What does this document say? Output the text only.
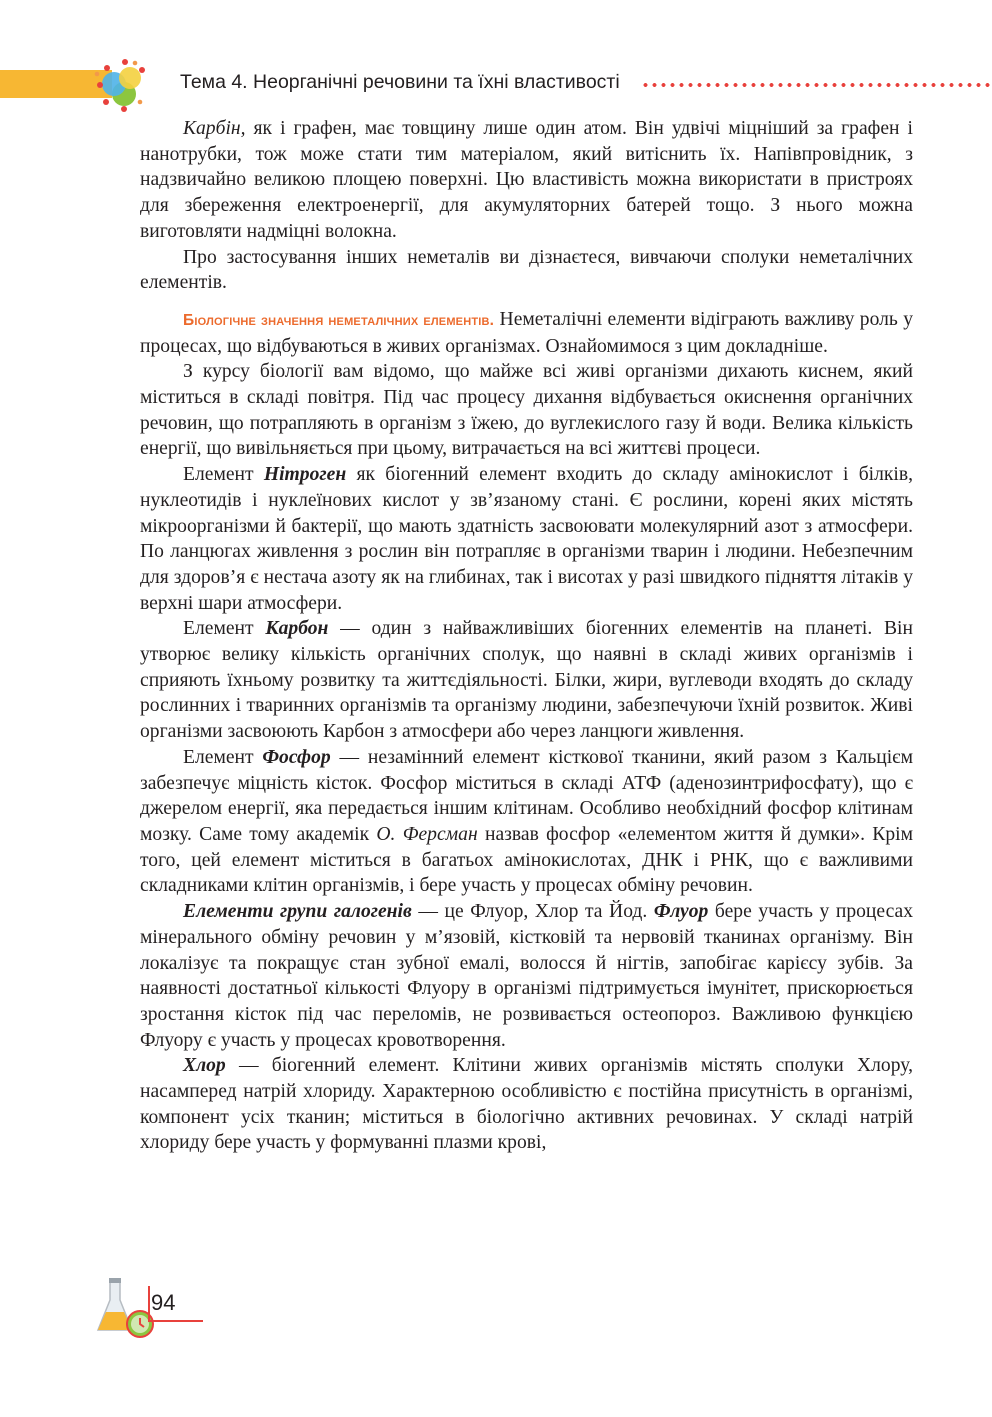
Тема 4. Неорганічні речовини та їхні властивості

Карбін, як і графен, має товщину лише один атом. Він удвічі міцніший за графен і нанотрубки, тож може стати тим матеріалом, який витіснить їх. Напівпровідник, з надзвичайно великою площею поверхні. Цю властивість можна використати в пристроях для збереження електроенергії, для акумуляторних батерей тощо. З нього можна виготовляти надміцні волокна.

Про застосування інших неметалів ви дізнаєтеся, вивчаючи сполуки неметалічних елементів.

Біологічне значення неметалічних елементів. Неметалічні елементи відіграють важливу роль у процесах, що відбуваються в живих організмах. Ознайомимося з цим докладніше.

З курсу біології вам відомо, що майже всі живі організми дихають киснем, який міститься в складі повітря. Під час процесу дихання відбувається окиснення органічних речовин, що потрапляють в організм з їжею, до вуглекислого газу й води. Велика кількість енергії, що вивільняється при цьому, витрачається на всі життєві процеси.

Елемент Нітроген як біогенний елемент входить до складу амінокислот і білків, нуклеотидів і нуклеїнових кислот у зв’язаному стані. Є рослини, корені яких містять мікроорганізми й бактерії, що мають здатність засвоювати молекулярний азот з атмосфери. По ланцюгах живлення з рослин він потрапляє в організми тварин і людини. Небезпечним для здоров’я є нестача азоту як на глибинах, так і висотах у разі швидкого підняття літаків у верхні шари атмосфери.

Елемент Карбон — один з найважливіших біогенних елементів на планеті. Він утворює велику кількість органічних сполук, що наявні в складі живих організмів і сприяють їхньому розвитку та життєдіяльності. Білки, жири, вуглеводи входять до складу рослинних і тваринних організмів та організму людини, забезпечуючи їхній розвиток. Живі організми засвоюють Карбон з атмосфери або через ланцюги живлення.

Елемент Фосфор — незамінний елемент кісткової тканини, який разом з Кальцієм забезпечує міцність кісток. Фосфор міститься в складі АТФ (аденозинтрифосфату), що є джерелом енергії, яка передається іншим клітинам. Особливо необхідний фосфор клітинам мозку. Саме тому академік О. Ферсман назвав фосфор «елементом життя й думки». Крім того, цей елемент міститься в багатьох амінокислотах, ДНК і РНК, що є важливими складниками клітин організмів, і бере участь у процесах обміну речовин.

Елементи групи галогенів — це Флуор, Хлор та Йод. Флуор бере участь у процесах мінерального обміну речовин у м’язовій, кістковій та нервовій тканинах організму. Він локалізує та покращує стан зубної емалі, волосся й нігтів, запобігає карієсу зубів. За наявності достатньої кількості Флуору в організмі підтримується імунітет, прискорюється зростання кісток під час переломів, не розвивається остеопороз. Важливою функцією Флуору є участь у процесах кровотворення.

Хлор — біогенний елемент. Клітини живих організмів містять сполуки Хлору, насамперед натрій хлориду. Характерною особливістю є постійна присутність в організмі, компонент усіх тканин; міститься в біологічно активних речовинах. У складі натрій хлориду бере участь у формуванні плазми крові,

94
